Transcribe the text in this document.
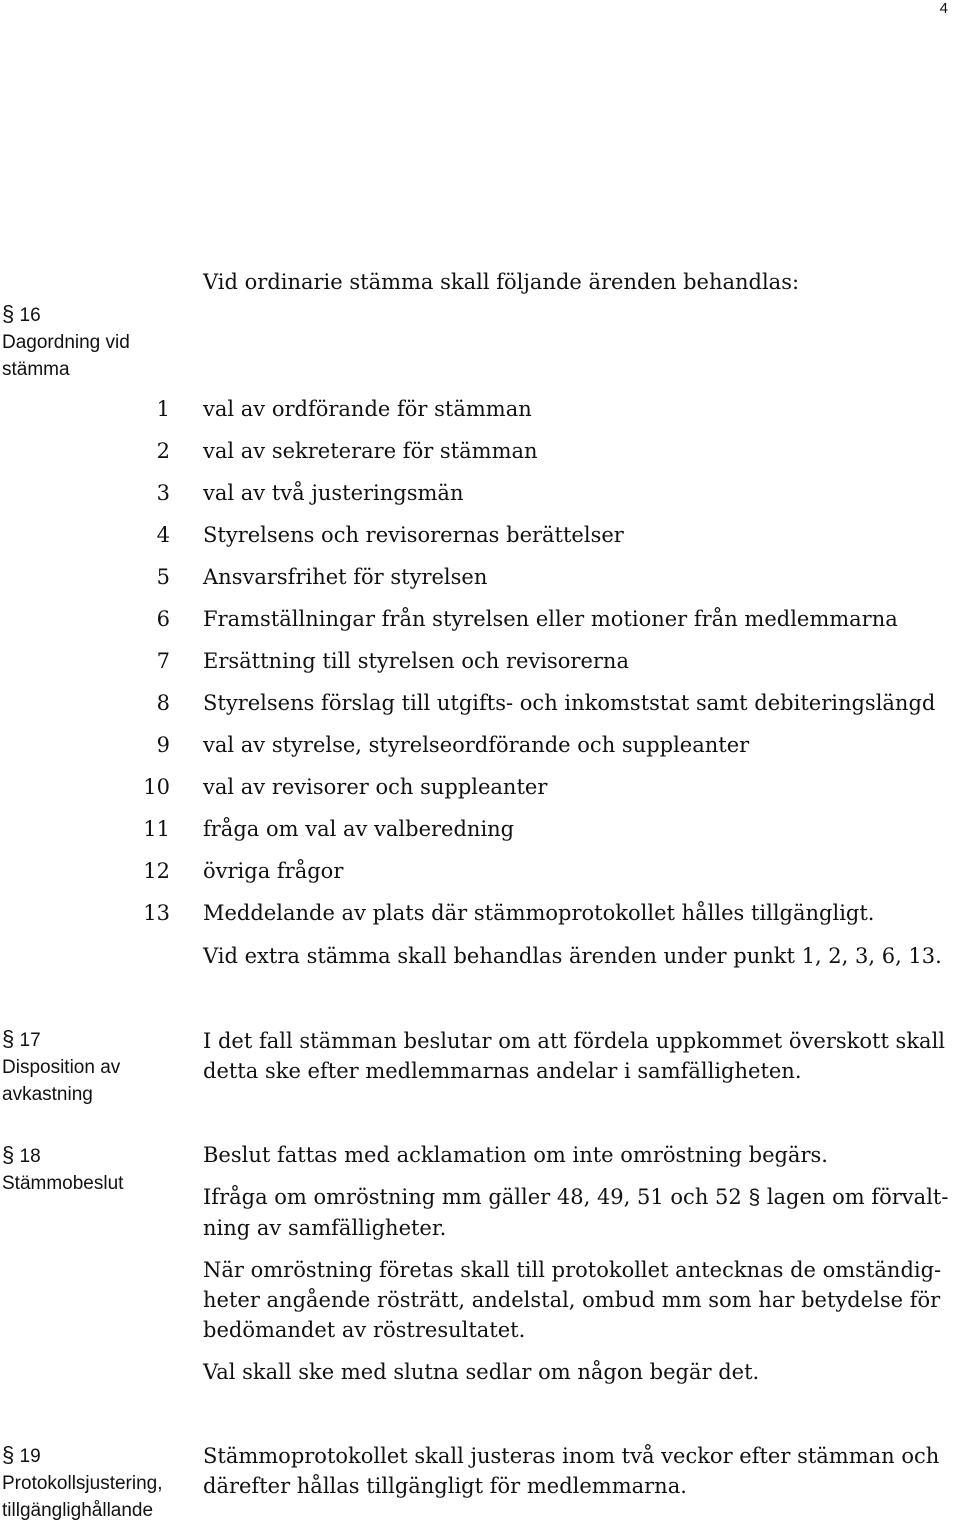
4
§ 16
Dagordning vid
stämma
Vid ordinarie stämma skall följande ärenden behandlas:
1 val av ordförande för stämman
2 val av sekreterare för stämman
3 val av två justeringsmän
4 Styrelsens och revisorernas berättelser
5 Ansvarsfrihet för styrelsen
6 Framställningar från styrelsen eller motioner från medlemmarna
7 Ersättning till styrelsen och revisorerna
8 Styrelsens förslag till utgifts- och inkomststat samt debiteringslängd
9 val av styrelse, styrelseordförande och suppleanter
10 val av revisorer och suppleanter
11 fråga om val av valberedning
12 övriga frågor
13 Meddelande av plats där stämmoprotokollet hålles tillgängligt.
Vid extra stämma skall behandlas ärenden under punkt 1, 2, 3, 6, 13.
§ 17
Disposition av
avkastning
I det fall stämman beslutar om att fördela uppkommet överskott skall
detta ske efter medlemmarnas andelar i samfälligheten.
§ 18
Stämmobeslut
Beslut fattas med acklamation om inte omröstning begärs.
Ifråga om omröstning mm gäller 48, 49, 51 och 52 § lagen om förvalt-
ning av samfälligheter.
När omröstning företas skall till protokollet antecknas de omständig-
heter angående rösträtt, andelstal, ombud mm som har betydelse för
bedömandet av röstresultatet.
Val skall ske med slutna sedlar om någon begär det.
§ 19
Protokollsjustering,
tillgänglighållande
Stämmoprotokollet skall justeras inom två veckor efter stämman och
därefter hållas tillgängligt för medlemmarna.
